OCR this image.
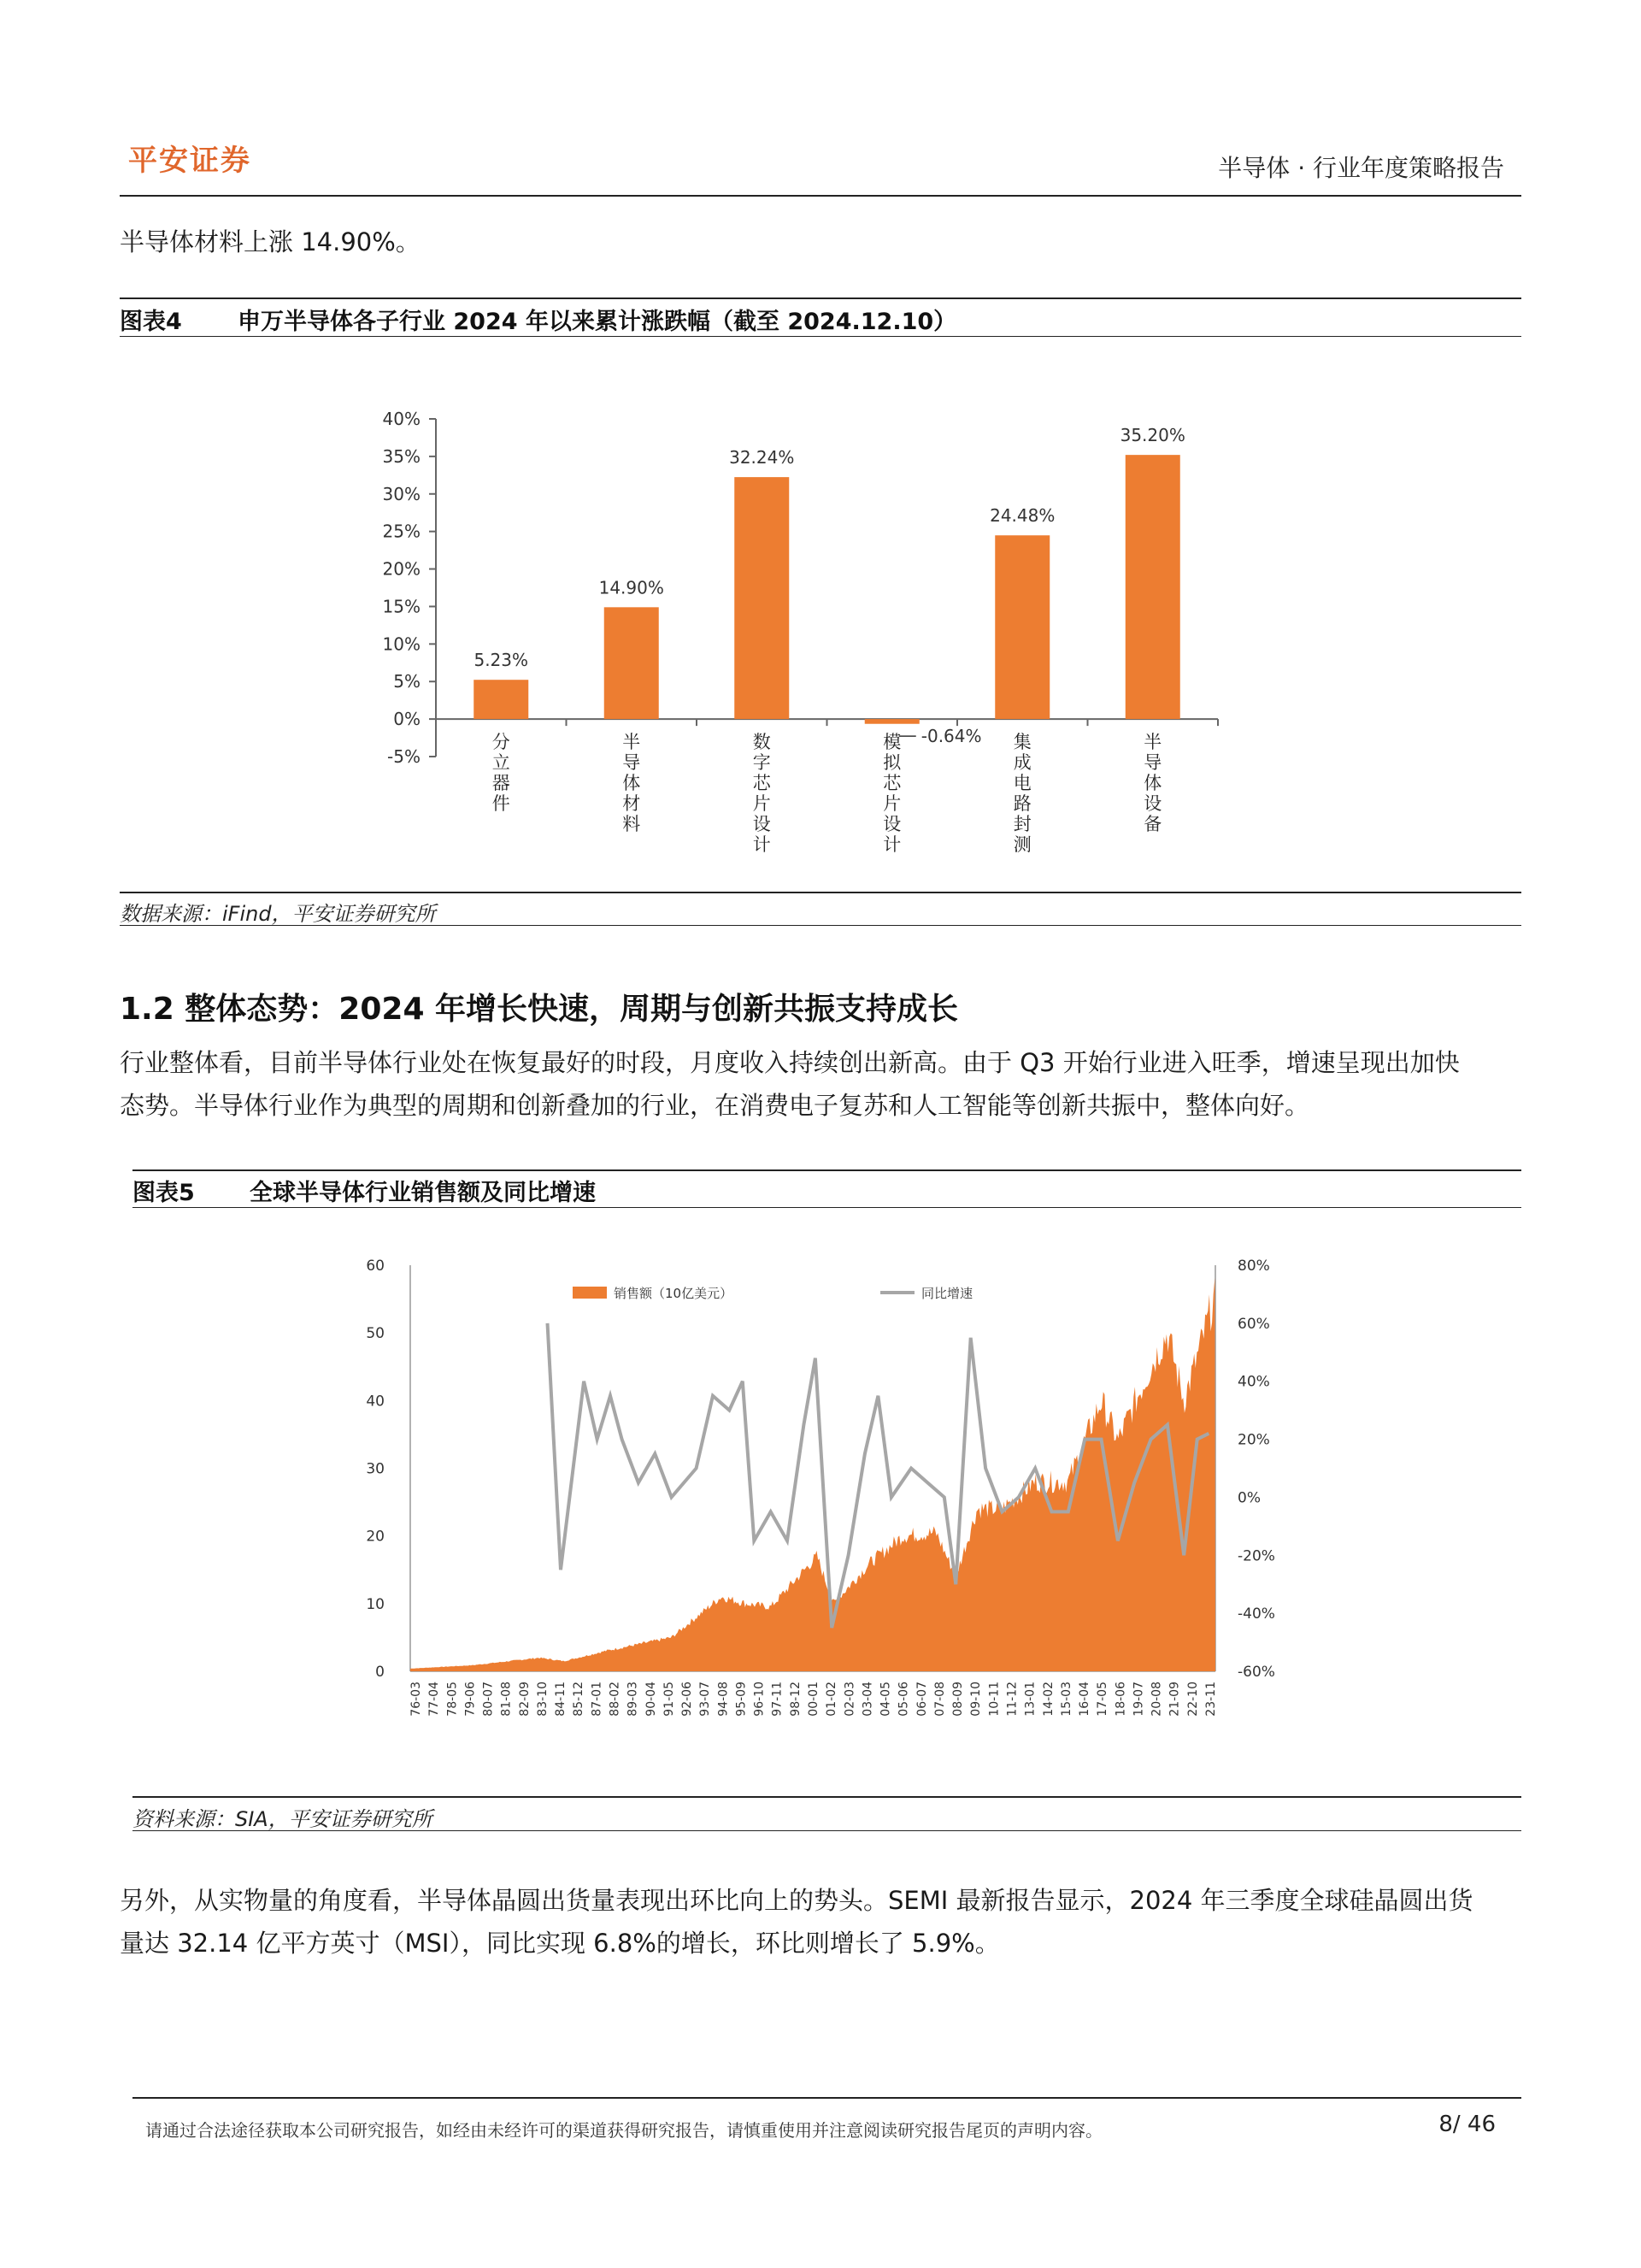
平安证券	半导体 · 行业年度策略报告
半导体材料上涨 14.90%。
图表4 申万半导体各子行业 2024 年以来累计涨跌幅（截至 2024.12.10）
40%
35%
30%
25%
20%
15%
10%
5%
0%
-5%
5.23%
14.90%
32.24%
-0.64%
24.48%
35.20%
分
立
器
件
半
导
体
材
料
数
字
芯
片
设
计
模
拟
芯
片
设
计
集
成
电
路
封
测
半
导
体
设
备
数据来源：iFind，平安证券研究所
1.2 整体态势：2024 年增长快速，周期与创新共振支持成长
行业整体看，目前半导体行业处在恢复最好的时段，月度收入持续创出新高。由于 Q3 开始行业进入旺季，增速呈现出加快
态势。半导体行业作为典型的周期和创新叠加的行业，在消费电子复苏和人工智能等创新共振中，整体向好。
图表5 全球半导体行业销售额及同比增速
60
50
40
30
20
10
0
80%
60%
40%
20%
0%
-20%
-40%
-60%
销售额（10亿美元）	同比增速
76-03 77-04 78-05 79-06 80-07 81-08 82-09 83-10 84-11 85-12 87-01 88-02 89-03 90-04 91-05 92-06 93-07 94-08 95-09 96-10 97-11 98-12 00-01 01-02 02-03 03-04 04-05 05-06 06-07 07-08 08-09 09-10 10-11 11-12 13-01 14-02 15-03 16-04 17-05 18-06 19-07 20-08 21-09 22-10 23-11
资料来源：SIA，平安证券研究所
另外，从实物量的角度看，半导体晶圆出货量表现出环比向上的势头。SEMI 最新报告显示，2024 年三季度全球硅晶圆出货
量达 32.14 亿平方英寸（MSI），同比实现 6.8%的增长，环比则增长了 5.9%。
请通过合法途径获取本公司研究报告，如经由未经许可的渠道获得研究报告，请慎重使用并注意阅读研究报告尾页的声明内容。	8/ 46
